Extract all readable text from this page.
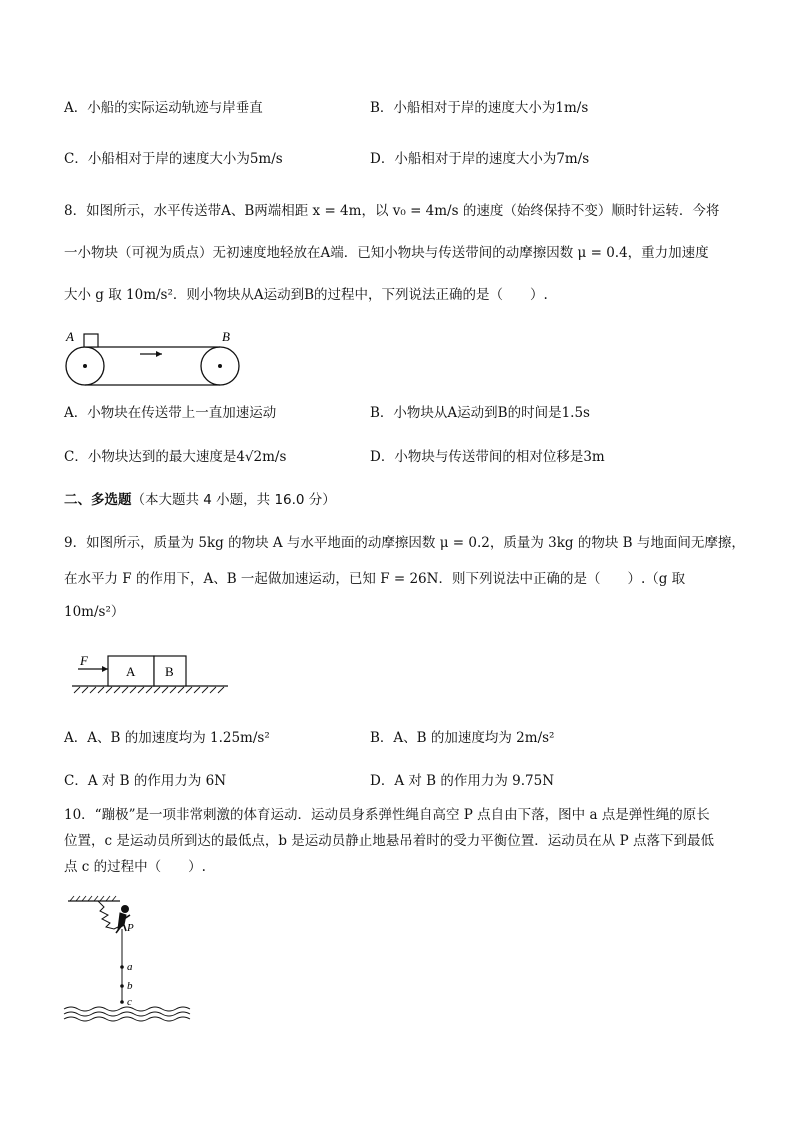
A．小船的实际运动轨迹与岸垂直	B．小船相对于岸的速度大小为1m/s
C．小船相对于岸的速度大小为5m/s	D．小船相对于岸的速度大小为7m/s
8．如图所示，水平传送带A、B两端相距 x = 4m，以 v₀ = 4m/s 的速度（始终保持不变）顺时针运转．今将
一小物块（可视为质点）无初速度地轻放在A端．已知小物块与传送带间的动摩擦因数 μ = 0.4，重力加速度
大小 g 取 10m/s²．则小物块从A运动到B的过程中，下列说法正确的是（　　）.
A	B
A．小物块在传送带上一直加速运动	B．小物块从A运动到B的时间是1.5s
C．小物块达到的最大速度是4√2m/s	D．小物块与传送带间的相对位移是3m
二、多选题（本大题共 4 小题，共 16.0 分）
9．如图所示，质量为 5kg 的物块 A 与水平地面的动摩擦因数 μ = 0.2，质量为 3kg 的物块 B 与地面间无摩擦，
在水平力 F 的作用下，A、B 一起做加速运动，已知 F = 26N．则下列说法中正确的是（　　）.（g 取
10m/s²）
F
A B
A．A、B 的加速度均为 1.25m/s²	B．A、B 的加速度均为 2m/s²
C．A 对 B 的作用力为 6N	D．A 对 B 的作用力为 9.75N
10．“蹦极”是一项非常刺激的体育运动．运动员身系弹性绳自高空 P 点自由下落，图中 a 点是弹性绳的原长
位置，c 是运动员所到达的最低点，b 是运动员静止地悬吊着时的受力平衡位置．运动员在从 P 点落下到最低
点 c 的过程中（　　）.
P
a
b
c
